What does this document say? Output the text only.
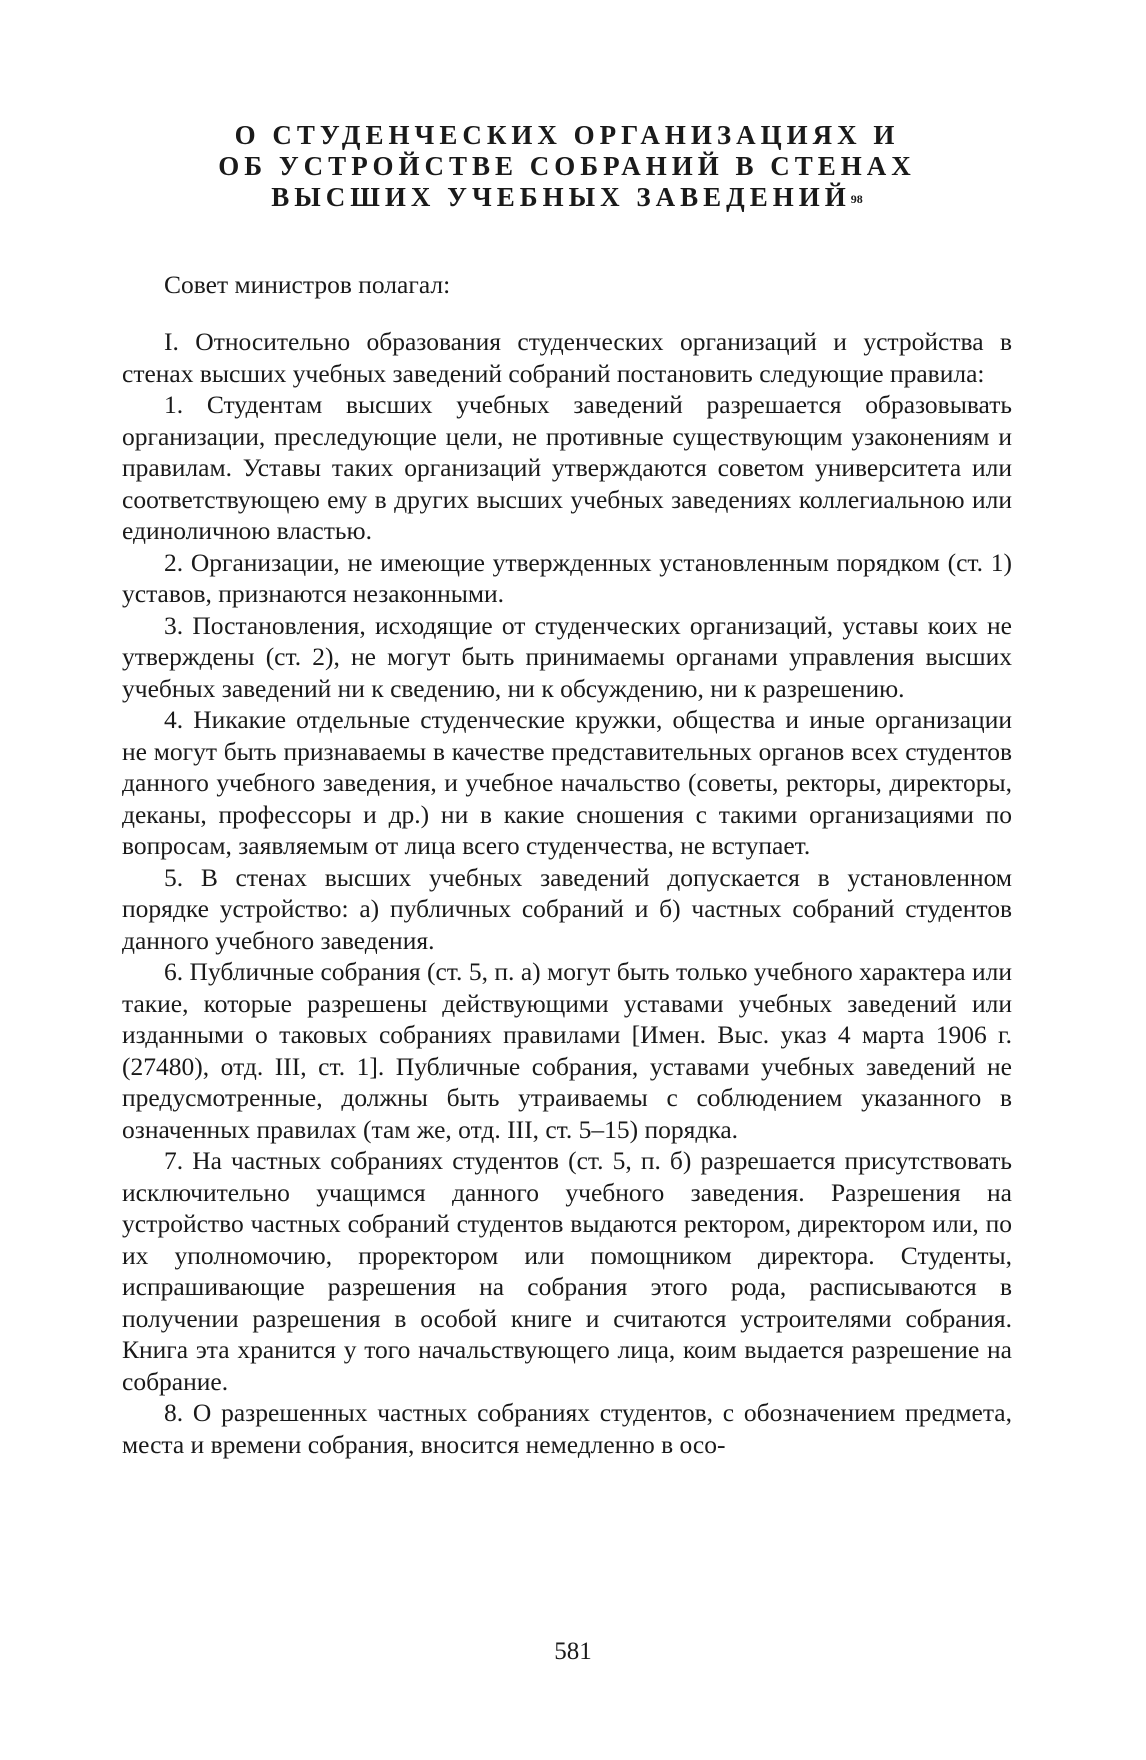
О СТУДЕНЧЕСКИХ ОРГАНИЗАЦИЯХ И
ОБ УСТРОЙСТВЕ СОБРАНИЙ В СТЕНАХ
ВЫСШИХ УЧЕБНЫХ ЗАВЕДЕНИЙ$^{98}$

Совет министров полагал:

I. Относительно образования студенческих организаций и устройства в стенах высших учебных заведений собраний постановить следующие правила:

1. Студентам высших учебных заведений разрешается образовывать организации, преследующие цели, не противные существующим узаконениям и правилам. Уставы таких организаций утверждаются советом университета или соответствующею ему в других высших учебных заведениях коллегиальною или единоличною властью.

2. Организации, не имеющие утвержденных установленным порядком (ст. 1) уставов, признаются незаконными.

3. Постановления, исходящие от студенческих организаций, уставы коих не утверждены (ст. 2), не могут быть принимаемы органами управления высших учебных заведений ни к сведению, ни к обсуждению, ни к разрешению.

4. Никакие отдельные студенческие кружки, общества и иные организации не могут быть признаваемы в качестве представительных органов всех студентов данного учебного заведения, и учебное начальство (советы, ректоры, директоры, деканы, профессоры и др.) ни в какие сношения с такими организациями по вопросам, заявляемым от лица всего студенчества, не вступает.

5. В стенах высших учебных заведений допускается в установленном порядке устройство: а) публичных собраний и б) частных собраний студентов данного учебного заведения.

6. Публичные собрания (ст. 5, п. а) могут быть только учебного характера или такие, которые разрешены действующими уставами учебных заведений или изданными о таковых собраниях правилами [Имен. Выс. указ 4 марта 1906 г. (27480), отд. III, ст. 1]. Публичные собрания, уставами учебных заведений не предусмотренные, должны быть утраиваемы с соблюдением указанного в означенных правилах (там же, отд. III, ст. 5–15) порядка.

7. На частных собраниях студентов (ст. 5, п. б) разрешается присутствовать исключительно учащимся данного учебного заведения. Разрешения на устройство частных собраний студентов выдаются ректором, директором или, по их уполномочию, проректором или помощником директора. Студенты, испрашивающие разрешения на собрания этого рода, расписываются в получении разрешения в особой книге и считаются устроителями собрания. Книга эта хранится у того начальствующего лица, коим выдается разрешение на собрание.

8. О разрешенных частных собраниях студентов, с обозначением предмета, места и времени собрания, вносится немедленно в осо-

581
